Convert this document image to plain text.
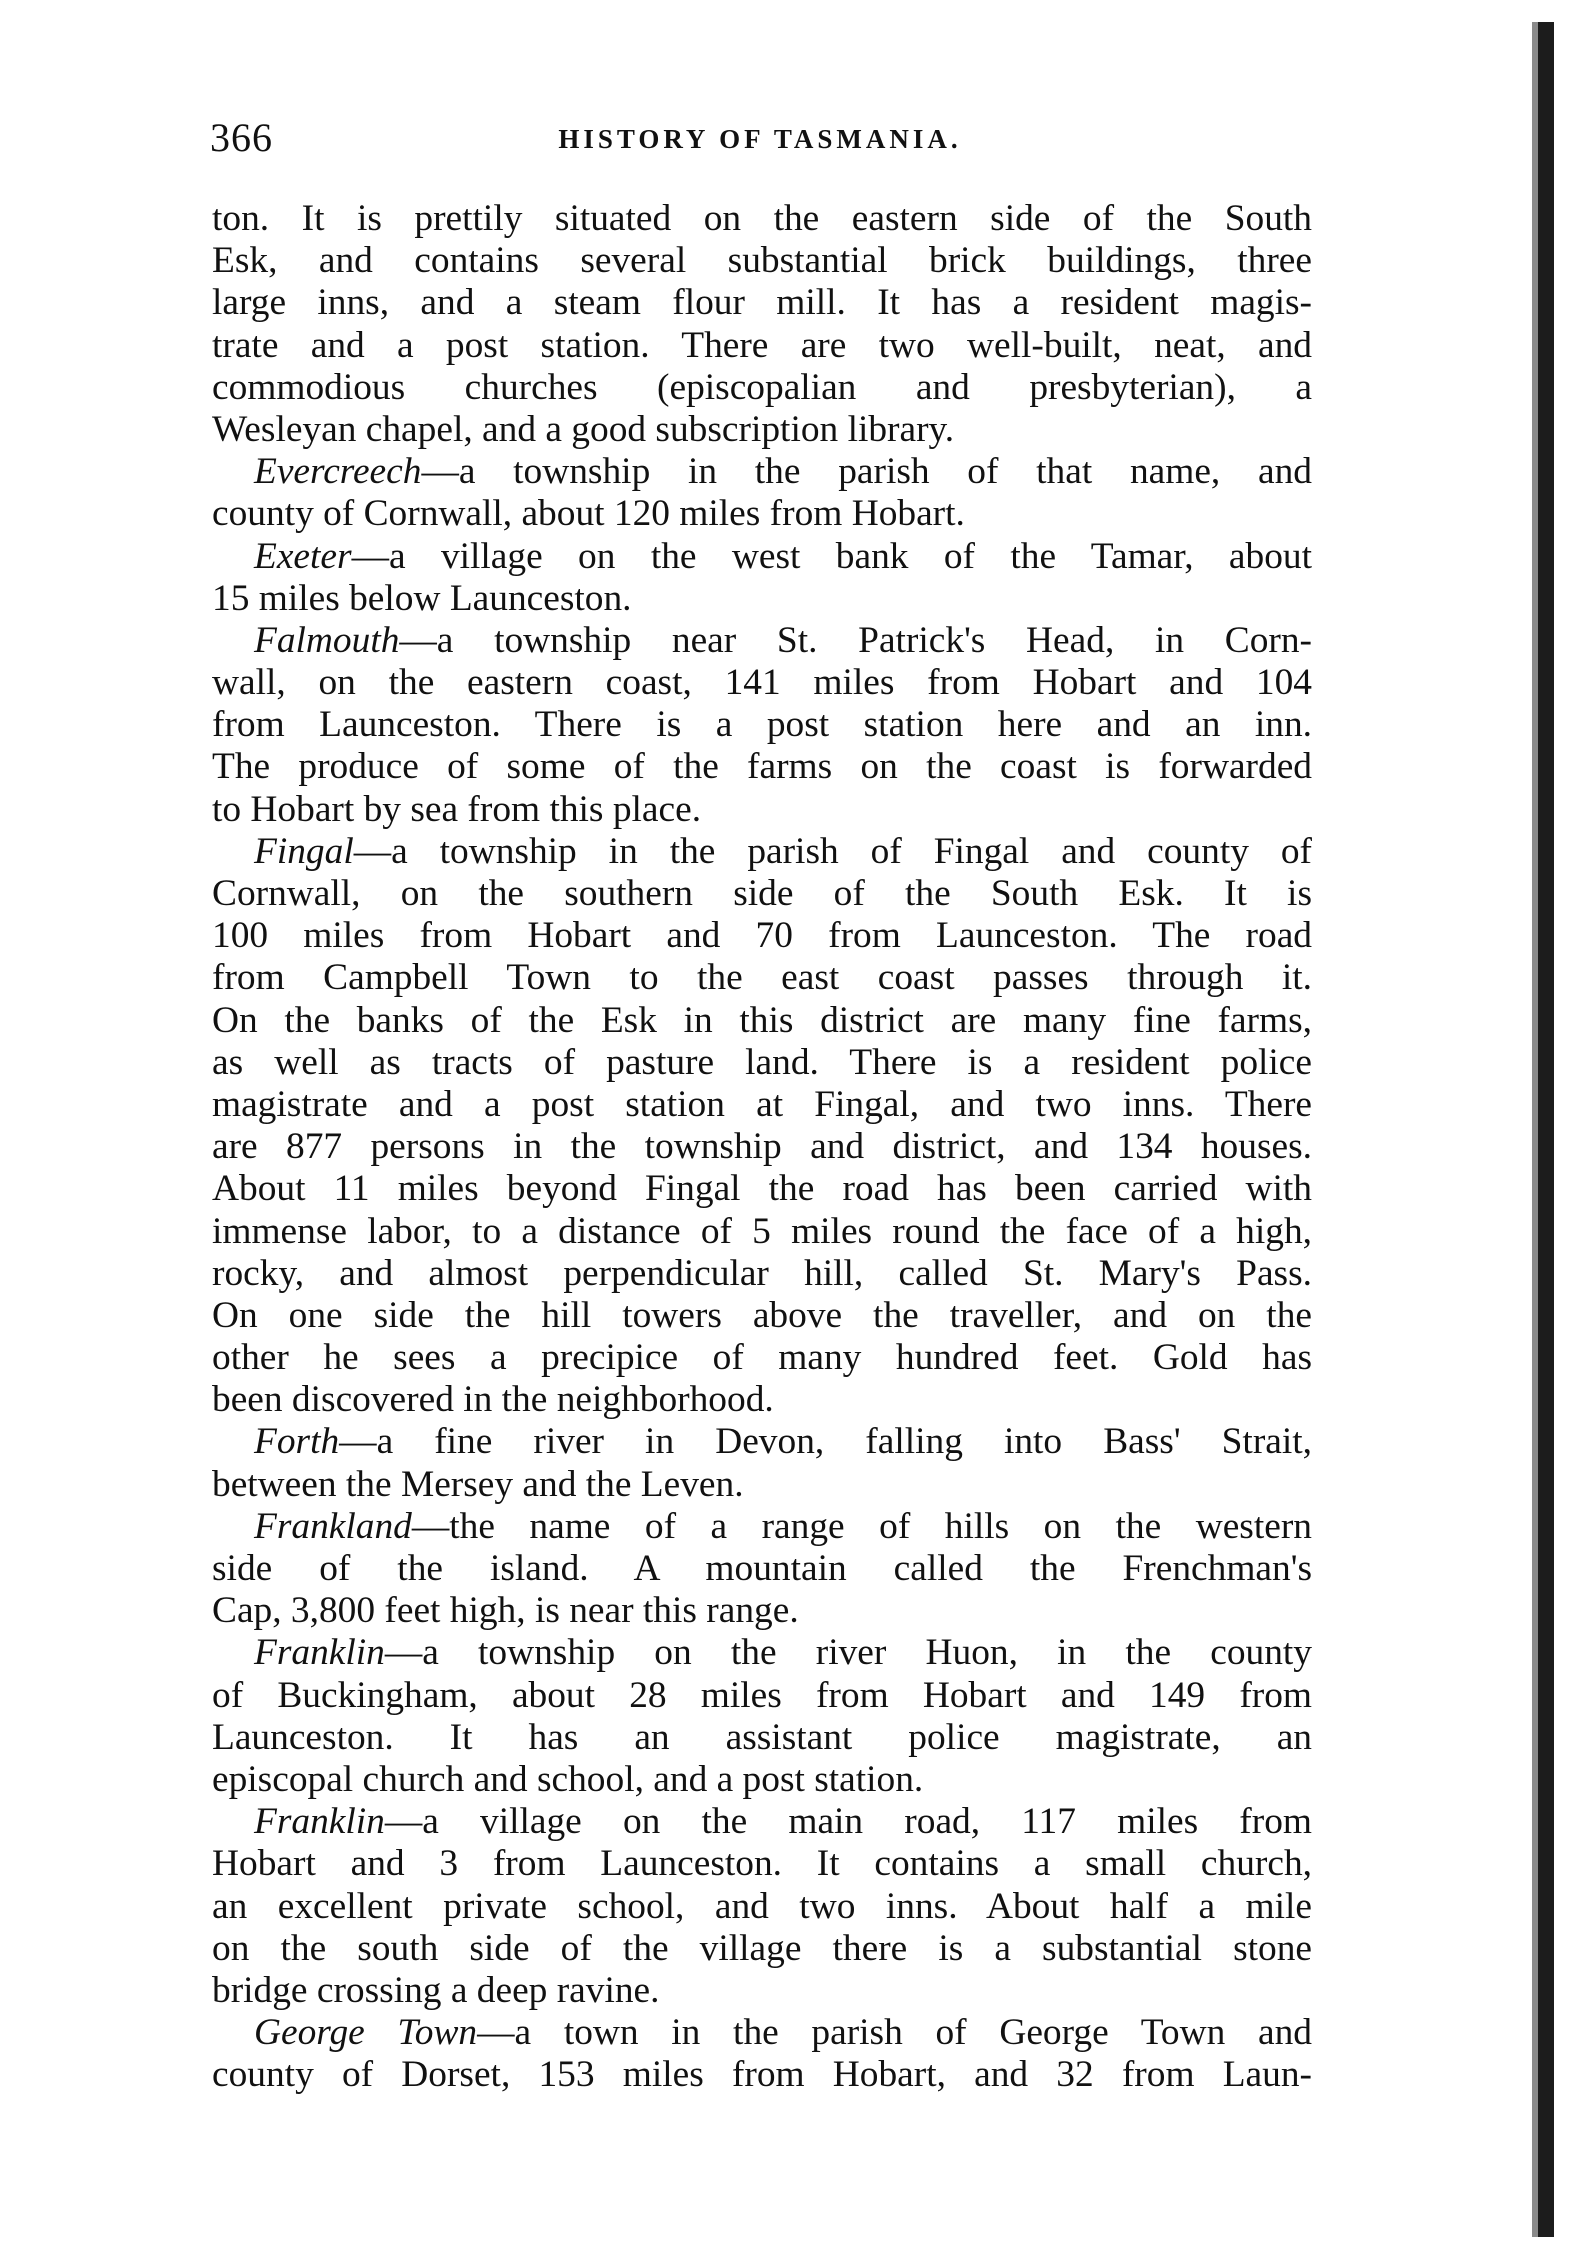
366	HISTORY OF TASMANIA.
ton. It is prettily situated on the eastern side of the South
Esk, and contains several substantial brick buildings, three
large inns, and a steam flour mill. It has a resident magis-
trate and a post station. There are two well-built, neat, and
commodious churches (episcopalian and presbyterian), a
Wesleyan chapel, and a good subscription library.
Evercreech—a township in the parish of that name, and
county of Cornwall, about 120 miles from Hobart.
Exeter—a village on the west bank of the Tamar, about
15 miles below Launceston.
Falmouth—a township near St. Patrick's Head, in Corn-
wall, on the eastern coast, 141 miles from Hobart and 104
from Launceston. There is a post station here and an inn.
The produce of some of the farms on the coast is forwarded
to Hobart by sea from this place.
Fingal—a township in the parish of Fingal and county of
Cornwall, on the southern side of the South Esk. It is
100 miles from Hobart and 70 from Launceston. The road
from Campbell Town to the east coast passes through it.
On the banks of the Esk in this district are many fine farms,
as well as tracts of pasture land. There is a resident police
magistrate and a post station at Fingal, and two inns. There
are 877 persons in the township and district, and 134 houses.
About 11 miles beyond Fingal the road has been carried with
immense labor, to a distance of 5 miles round the face of a high,
rocky, and almost perpendicular hill, called St. Mary's Pass.
On one side the hill towers above the traveller, and on the
other he sees a precipice of many hundred feet. Gold has
been discovered in the neighborhood.
Forth—a fine river in Devon, falling into Bass' Strait,
between the Mersey and the Leven.
Frankland—the name of a range of hills on the western
side of the island. A mountain called the Frenchman's
Cap, 3,800 feet high, is near this range.
Franklin—a township on the river Huon, in the county
of Buckingham, about 28 miles from Hobart and 149 from
Launceston. It has an assistant police magistrate, an
episcopal church and school, and a post station.
Franklin—a village on the main road, 117 miles from
Hobart and 3 from Launceston. It contains a small church,
an excellent private school, and two inns. About half a mile
on the south side of the village there is a substantial stone
bridge crossing a deep ravine.
George Town—a town in the parish of George Town and
county of Dorset, 153 miles from Hobart, and 32 from Laun-
